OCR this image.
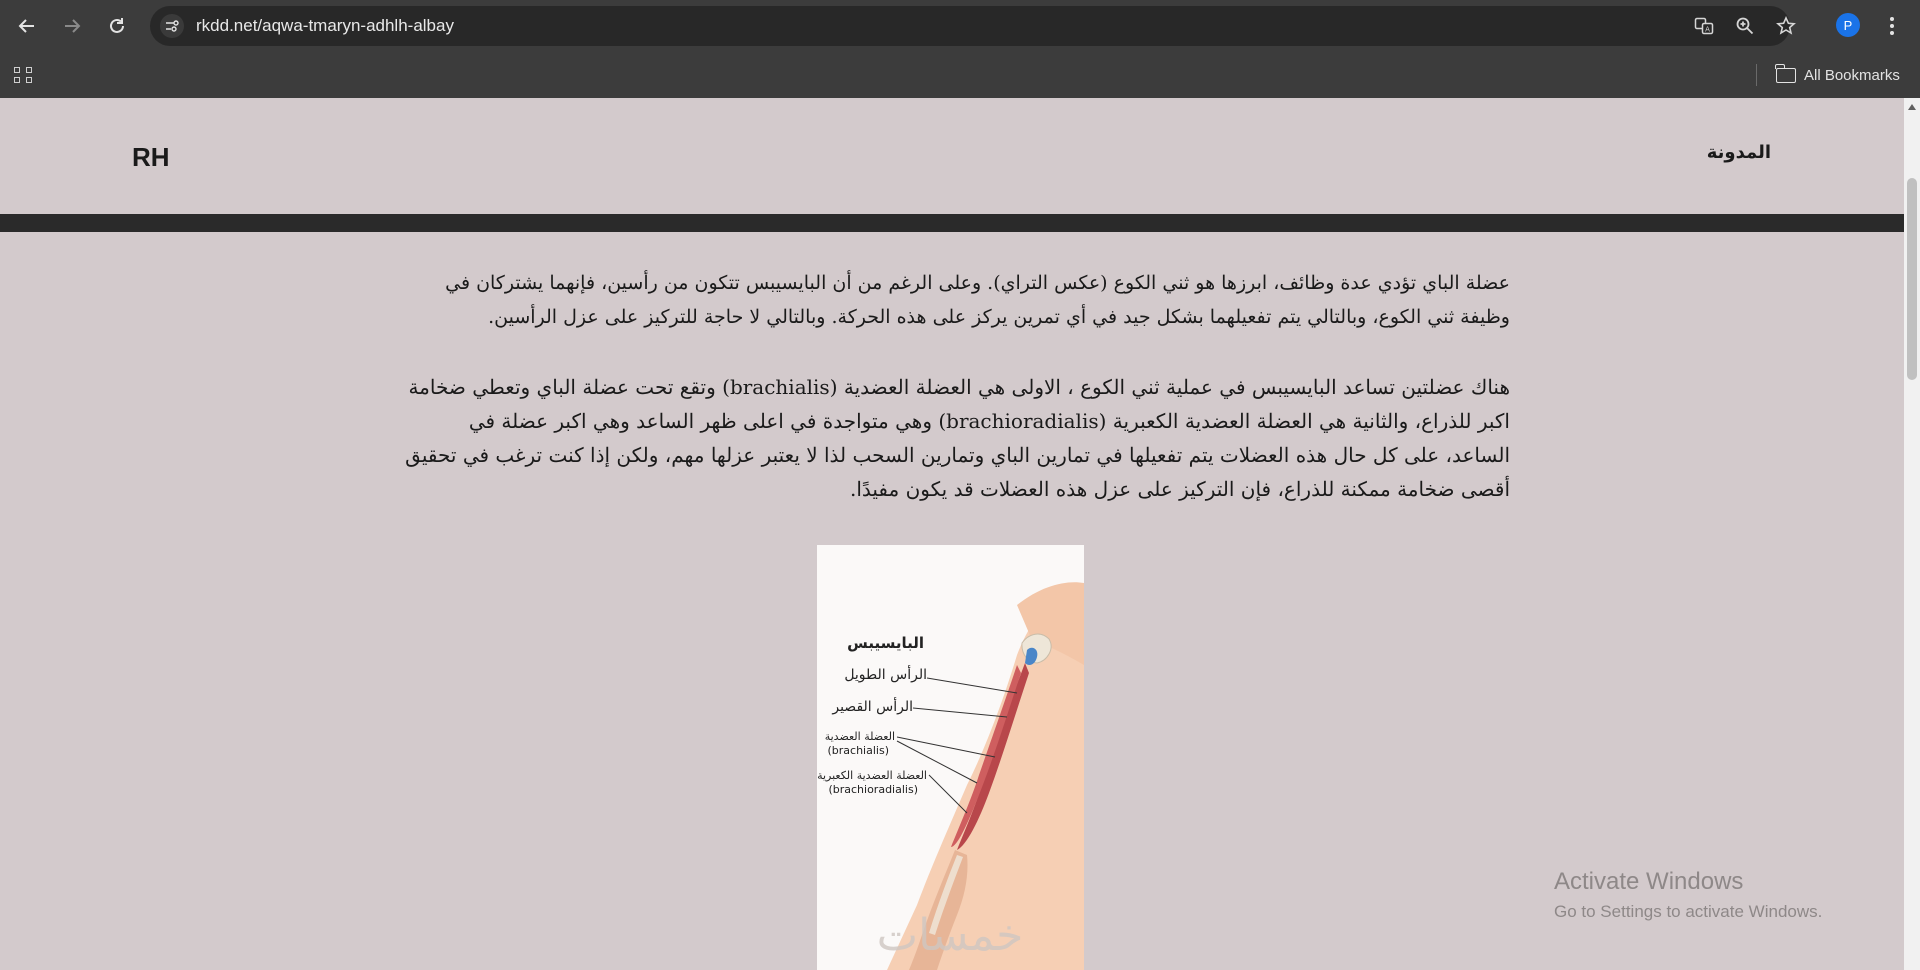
rkdd.net/aqwa-tmaryn-adhlh-albay	A	P
All Bookmarks
RH	المدونة

عضلة الباي تؤدي عدة وظائف، ابرزها هو ثني الكوع (عكس التراي). وعلى الرغم من أن البايسيبس تتكون من رأسين، فإنهما يشتركان في وظيفة ثني الكوع، وبالتالي يتم تفعيلهما بشكل جيد في أي تمرين يركز على هذه الحركة. وبالتالي لا حاجة للتركيز على عزل الرأسين.

هناك عضلتين تساعد البايسيبس في عملية ثني الكوع ، الاولى هي العضلة العضدية (brachialis) وتقع تحت عضلة الباي وتعطي ضخامة اكبر للذراع، والثانية هي العضلة العضدية الكعبرية (brachioradialis) وهي متواجدة في اعلى ظهر الساعد وهي اكبر عضلة في الساعد، على كل حال هذه العضلات يتم تفعيلها في تمارين الباي وتمارين السحب لذا لا يعتبر عزلها مهم، ولكن إذا كنت ترغب في تحقيق أقصى ضخامة ممكنة للذراع، فإن التركيز على عزل هذه العضلات قد يكون مفيدًا.

البايسيبس
الرأس الطويل
الرأس القصير
العضلة العضدية
(brachialis)
العضلة العضدية الكعبرية
(brachioradialis)
خمسات
Activate Windows
Go to Settings to activate Windows.
